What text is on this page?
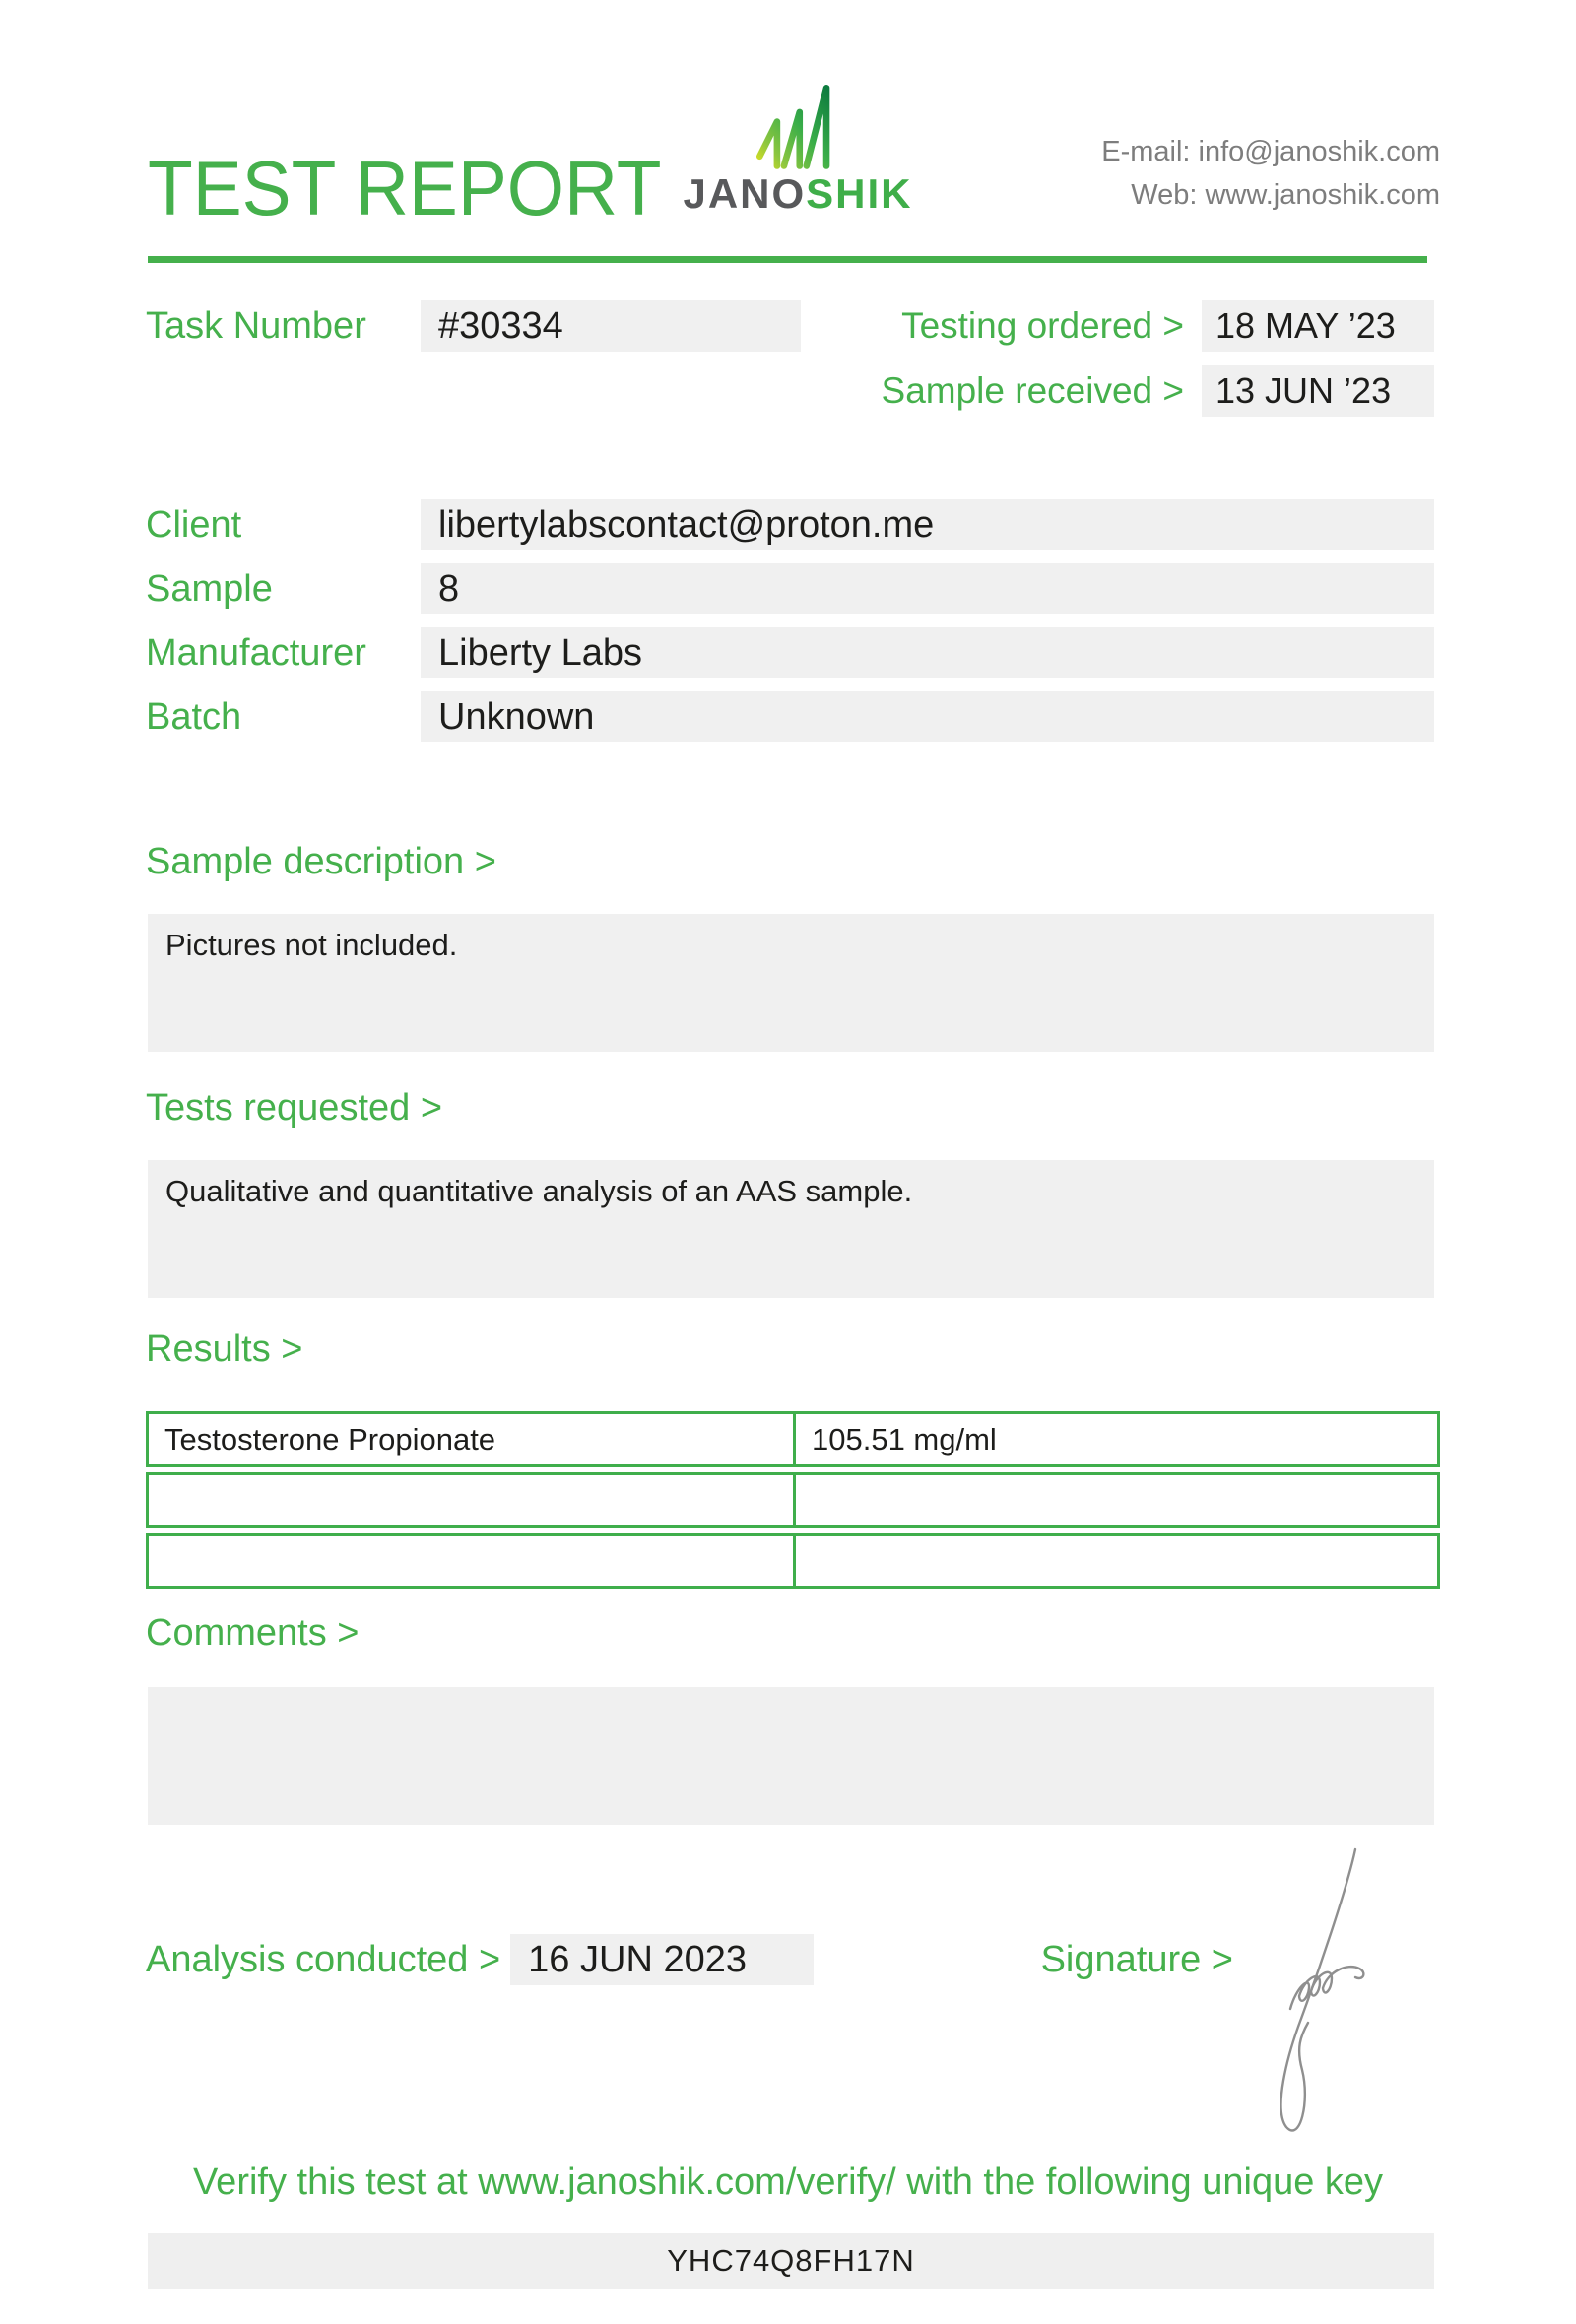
TEST REPORT JANOSHIK
E-mail: info@janoshik.com
Web: www.janoshik.com
Task Number	#30334	Testing ordered > 18 MAY ’23
Sample received > 13 JUN ’23
Client	libertylabscontact@proton.me
Sample	8
Manufacturer	Liberty Labs
Batch	Unknown
Sample description >
Pictures not included.
Tests requested >
Qualitative and quantitative analysis of an AAS sample.
Results >
Testosterone Propionate	105.51 mg/ml
Comments >
Analysis conducted > 16 JUN 2023	Signature >
Verify this test at www.janoshik.com/verify/ with the following unique key
YHC74Q8FH17N
